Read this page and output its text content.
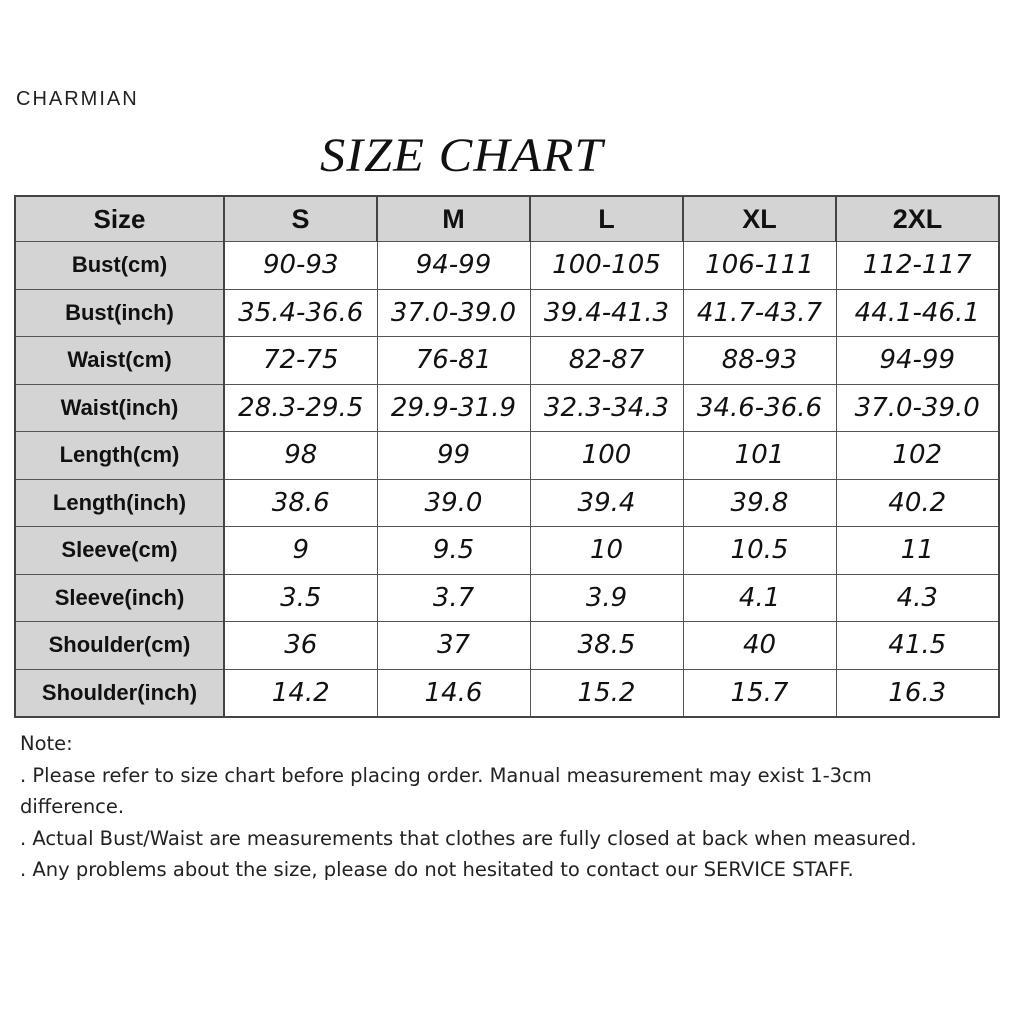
CHARMIAN
SIZE CHART
Size	S	M	L	XL	2XL
Bust(cm)	90-93	94-99	100-105	106-111	112-117
Bust(inch)	35.4-36.6	37.0-39.0	39.4-41.3	41.7-43.7	44.1-46.1
Waist(cm)	72-75	76-81	82-87	88-93	94-99
Waist(inch)	28.3-29.5	29.9-31.9	32.3-34.3	34.6-36.6	37.0-39.0
Length(cm)	98	99	100	101	102
Length(inch)	38.6	39.0	39.4	39.8	40.2
Sleeve(cm)	9	9.5	10	10.5	11
Sleeve(inch)	3.5	3.7	3.9	4.1	4.3
Shoulder(cm)	36	37	38.5	40	41.5
Shoulder(inch)	14.2	14.6	15.2	15.7	16.3
Note:
. Please refer to size chart before placing order. Manual measurement may exist 1-3cm
difference.
. Actual Bust/Waist are measurements that clothes are fully closed at back when measured.
. Any problems about the size, please do not hesitated to contact our SERVICE STAFF.
